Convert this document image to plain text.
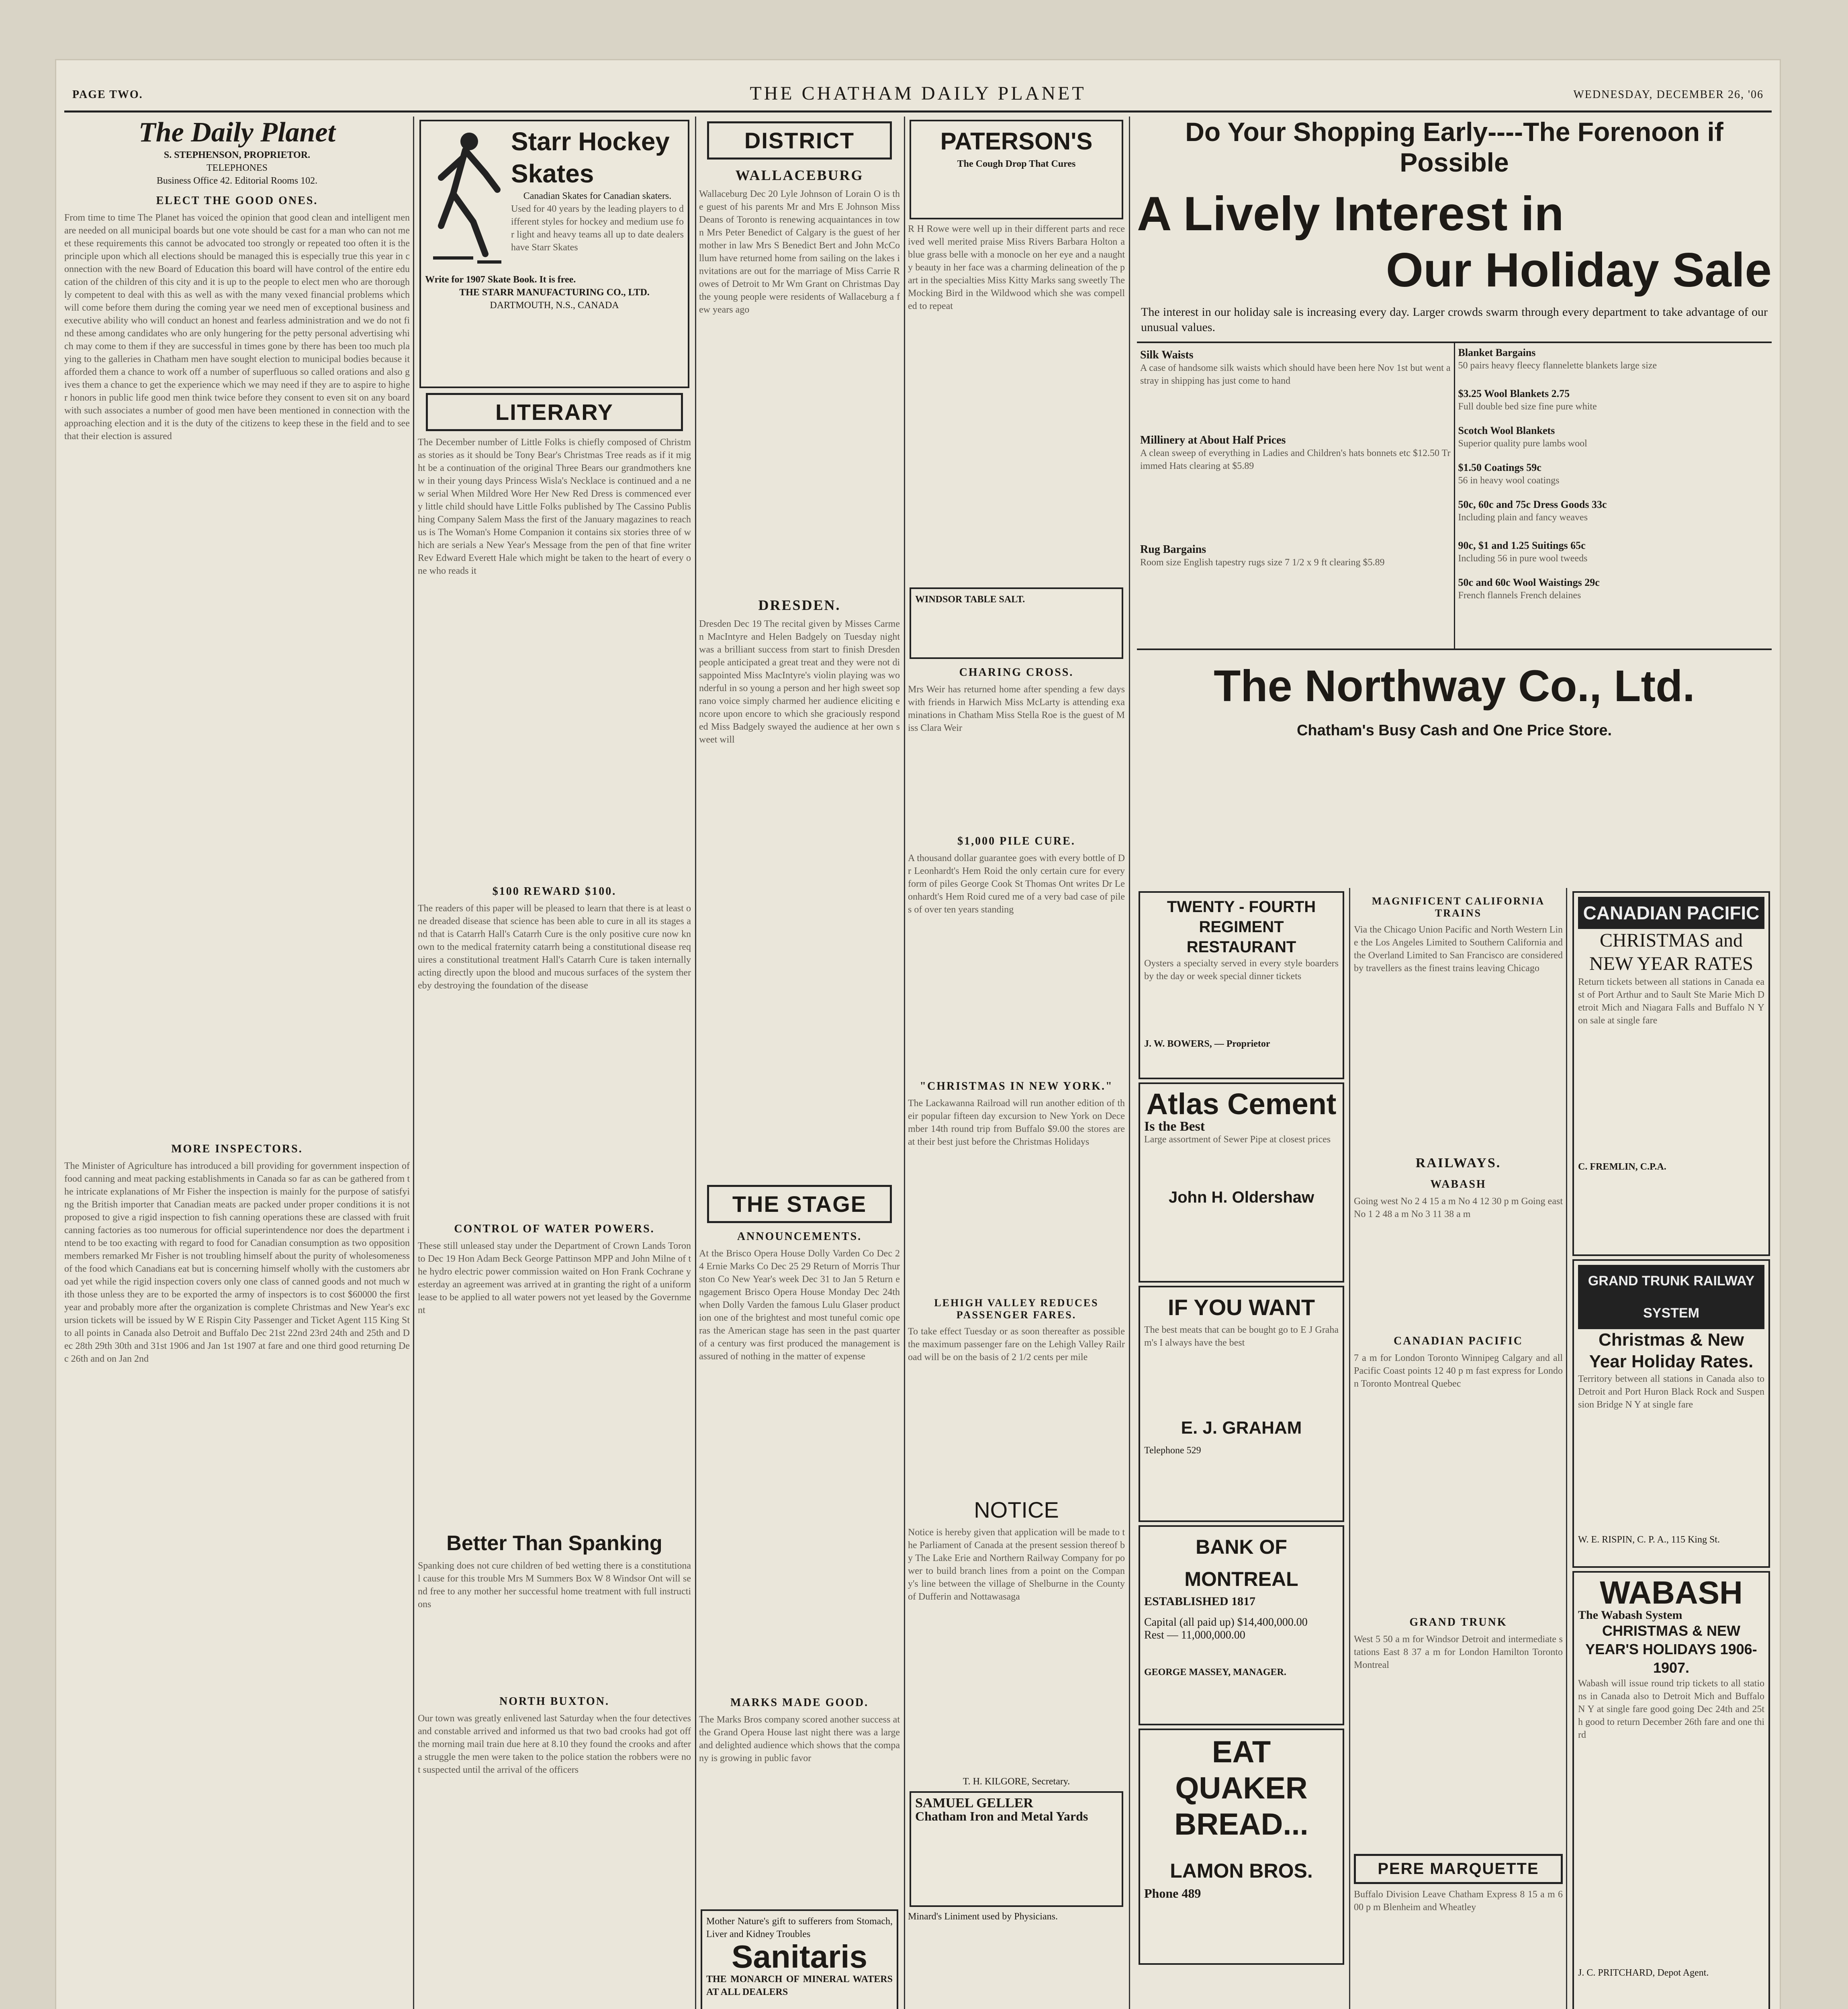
PAGE TWO.	THE CHATHAM DAILY PLANET	WEDNESDAY, DECEMBER 26, '06
The Daily Planet
S. STEPHENSON, PROPRIETOR.
TELEPHONES
Business Office 42. Editorial Rooms 102.
ELECT THE GOOD ONES.
From time to time The Planet has voiced the opinion that good clean and intelligent men are needed on all municipal boards but one vote should be cast for a man who can not meet these requirements this cannot be advocated too strongly or repeated too often it is the principle upon which all elections should be managed this is especially true this year in connection with the new Board of Education this board will have control of the entire education of the children of this city and it is up to the people to elect men who are thoroughly competent to deal with this as well as with the many vexed financial problems which will come before them during the coming year we need men of exceptional business and executive ability who will conduct an honest and fearless administration and we do not find these among candidates who are only hungering for the petty personal advertising which may come to them if they are successful in times gone by there has been too much playing to the galleries in Chatham men have sought election to municipal bodies because it afforded them a chance to work off a number of superfluous so called orations and also gives them a chance to get the experience which we may need if they are to aspire to higher honors in public life good men think twice before they consent to even sit on any board with such associates a number of good men have been mentioned in connection with the approaching election and it is the duty of the citizens to keep these in the field and to see that their election is assured
MORE INSPECTORS.
The Minister of Agriculture has introduced a bill providing for government inspection of food canning and meat packing establishments in Canada so far as can be gathered from the intricate explanations of Mr Fisher the inspection is mainly for the purpose of satisfying the British importer that Canadian meats are packed under proper conditions it is not proposed to give a rigid inspection to fish canning operations these are classed with fruit canning factories as too numerous for official superintendence nor does the department intend to be too exacting with regard to food for Canadian consumption as two opposition members remarked Mr Fisher is not troubling himself about the purity of wholesomeness of the food which Canadians eat but is concerning himself wholly with the customers abroad yet while the rigid inspection covers only one class of canned goods and not much with those unless they are to be exported the army of inspectors is to cost $60000 the first year and probably more after the organization is complete Christmas and New Year's excursion tickets will be issued by W E Rispin City Passenger and Ticket Agent 115 King St to all points in Canada also Detroit and Buffalo Dec 21st 22nd 23rd 24th and 25th and Dec 28th 29th 30th and 31st 1906 and Jan 1st 1907 at fare and one third good returning Dec 26th and on Jan 2nd
Starr Hockey Skates
Canadian Skates for Canadian skaters.
Used for 40 years by the leading players to different styles for hockey and medium use for light and heavy teams all up to date dealers have Starr Skates
Write for 1907 Skate Book. It is free.
THE STARR MANUFACTURING CO., LTD.
DARTMOUTH, N.S., CANADA
LITERARY
The December number of Little Folks is chiefly composed of Christmas stories as it should be Tony Bear's Christmas Tree reads as if it might be a continuation of the original Three Bears our grandmothers knew in their young days Princess Wisla's Necklace is continued and a new serial When Mildred Wore Her New Red Dress is commenced every little child should have Little Folks published by The Cassino Publishing Company Salem Mass the first of the January magazines to reach us is The Woman's Home Companion it contains six stories three of which are serials a New Year's Message from the pen of that fine writer Rev Edward Everett Hale which might be taken to the heart of every one who reads it
$100 REWARD $100.
The readers of this paper will be pleased to learn that there is at least one dreaded disease that science has been able to cure in all its stages and that is Catarrh Hall's Catarrh Cure is the only positive cure now known to the medical fraternity catarrh being a constitutional disease requires a constitutional treatment Hall's Catarrh Cure is taken internally acting directly upon the blood and mucous surfaces of the system thereby destroying the foundation of the disease
CONTROL OF WATER POWERS.
These still unleased stay under the Department of Crown Lands Toronto Dec 19 Hon Adam Beck George Pattinson MPP and John Milne of the hydro electric power commission waited on Hon Frank Cochrane yesterday an agreement was arrived at in granting the right of a uniform lease to be applied to all water powers not yet leased by the Government
Better Than Spanking
Spanking does not cure children of bed wetting there is a constitutional cause for this trouble Mrs M Summers Box W 8 Windsor Ont will send free to any mother her successful home treatment with full instructions
NORTH BUXTON.
Our town was greatly enlivened last Saturday when the four detectives and constable arrived and informed us that two bad crooks had got off the morning mail train due here at 8.10 they found the crooks and after a struggle the men were taken to the police station the robbers were not suspected until the arrival of the officers
DISTRICT
WALLACEBURG
Wallaceburg Dec 20 Lyle Johnson of Lorain O is the guest of his parents Mr and Mrs E Johnson Miss Deans of Toronto is renewing acquaintances in town Mrs Peter Benedict of Calgary is the guest of her mother in law Mrs S Benedict Bert and John McCollum have returned home from sailing on the lakes invitations are out for the marriage of Miss Carrie Rowes of Detroit to Mr Wm Grant on Christmas Day the young people were residents of Wallaceburg a few years ago
DRESDEN.
Dresden Dec 19 The recital given by Misses Carmen MacIntyre and Helen Badgely on Tuesday night was a brilliant success from start to finish Dresden people anticipated a great treat and they were not disappointed Miss MacIntyre's violin playing was wonderful in so young a person and her high sweet soprano voice simply charmed her audience eliciting encore upon encore to which she graciously responded Miss Badgely swayed the audience at her own sweet will
THE STAGE
ANNOUNCEMENTS.
At the Brisco Opera House Dolly Varden Co Dec 24 Ernie Marks Co Dec 25 29 Return of Morris Thurston Co New Year's week Dec 31 to Jan 5 Return engagement Brisco Opera House Monday Dec 24th when Dolly Varden the famous Lulu Glaser production one of the brightest and most tuneful comic operas the American stage has seen in the past quarter of a century was first produced the management is assured of nothing in the matter of expense
MARKS MADE GOOD.
The Marks Bros company scored another success at the Grand Opera House last night there was a large and delighted audience which shows that the company is growing in public favor
Mother Nature's gift to sufferers from Stomach, Liver and Kidney Troubles
Sanitaris
THE MONARCH OF MINERAL WATERS AT ALL DEALERS
PATERSON'S
The Cough Drop That Cures
R H Rowe were well up in their different parts and received well merited praise Miss Rivers Barbara Holton a blue grass belle with a monocle on her eye and a naughty beauty in her face was a charming delineation of the part in the specialties Miss Kitty Marks sang sweetly The Mocking Bird in the Wildwood which she was compelled to repeat
WINDSOR TABLE SALT.
CHARING CROSS.
Mrs Weir has returned home after spending a few days with friends in Harwich Miss McLarty is attending examinations in Chatham Miss Stella Roe is the guest of Miss Clara Weir
$1,000 PILE CURE.
A thousand dollar guarantee goes with every bottle of Dr Leonhardt's Hem Roid the only certain cure for every form of piles George Cook St Thomas Ont writes Dr Leonhardt's Hem Roid cured me of a very bad case of piles of over ten years standing
"CHRISTMAS IN NEW YORK."
The Lackawanna Railroad will run another edition of their popular fifteen day excursion to New York on December 14th round trip from Buffalo $9.00 the stores are at their best just before the Christmas Holidays
LEHIGH VALLEY REDUCES PASSENGER FARES.
To take effect Tuesday or as soon thereafter as possible the maximum passenger fare on the Lehigh Valley Railroad will be on the basis of 2 1/2 cents per mile
NOTICE
Notice is hereby given that application will be made to the Parliament of Canada at the present session thereof by The Lake Erie and Northern Railway Company for power to build branch lines from a point on the Company's line between the village of Shelburne in the County of Dufferin and Nottawasaga
T. H. KILGORE, Secretary.
SAMUEL GELLER
Chatham Iron and Metal Yards
Minard's Liniment used by Physicians.
Do Your Shopping Early----The Forenoon if Possible
A Lively Interest in
Our Holiday Sale
The interest in our holiday sale is increasing every day. Larger crowds swarm through every department to take advantage of our unusual values.
Silk Waists
A case of handsome silk waists which should have been here Nov 1st but went astray in shipping has just come to hand
Millinery at About Half Prices
A clean sweep of everything in Ladies and Children's hats bonnets etc $12.50 Trimmed Hats clearing at $5.89
Rug Bargains
Room size English tapestry rugs size 7 1/2 x 9 ft clearing $5.89
Blanket Bargains
50 pairs heavy fleecy flannelette blankets large size
$3.25 Wool Blankets 2.75
Full double bed size fine pure white
Scotch Wool Blankets
Superior quality pure lambs wool
$1.50 Coatings 59c
56 in heavy wool coatings
50c, 60c and 75c Dress Goods 33c
Including plain and fancy weaves
90c, $1 and 1.25 Suitings 65c
Including 56 in pure wool tweeds
50c and 60c Wool Waistings 29c
French flannels French delaines
The Northway Co., Ltd.
Chatham's Busy Cash and One Price Store.
TWENTY - FOURTH REGIMENT RESTAURANT
Oysters a specialty served in every style boarders by the day or week special dinner tickets
J. W. BOWERS, — Proprietor
Atlas Cement
Is the Best
Large assortment of Sewer Pipe at closest prices
John H. Oldershaw
IF YOU WANT
The best meats that can be bought go to E J Graham's I always have the best
E. J. GRAHAM
Telephone 529
BANK OF MONTREAL
ESTABLISHED 1817
Capital (all paid up) $14,400,000.00
Rest — 11,000,000.00
GEORGE MASSEY, MANAGER.
EAT QUAKER BREAD...
LAMON BROS.
Phone 489
MAGNIFICENT CALIFORNIA TRAINS
Via the Chicago Union Pacific and North Western Line the Los Angeles Limited to Southern California and the Overland Limited to San Francisco are considered by travellers as the finest trains leaving Chicago
RAILWAYS.
WABASH
Going west No 2 4 15 a m No 4 12 30 p m Going east No 1 2 48 a m No 3 11 38 a m
CANADIAN PACIFIC
7 a m for London Toronto Winnipeg Calgary and all Pacific Coast points 12 40 p m fast express for London Toronto Montreal Quebec
GRAND TRUNK
West 5 50 a m for Windsor Detroit and intermediate stations East 8 37 a m for London Hamilton Toronto Montreal
PERE MARQUETTE
Buffalo Division Leave Chatham Express 8 15 a m 6 00 p m Blenheim and Wheatley
CANADIAN PACIFIC
CHRISTMAS and NEW YEAR RATES
Return tickets between all stations in Canada east of Port Arthur and to Sault Ste Marie Mich Detroit Mich and Niagara Falls and Buffalo N Y on sale at single fare
C. FREMLIN, C.P.A.
GRAND TRUNK RAILWAY SYSTEM
Christmas & New Year Holiday Rates.
Territory between all stations in Canada also to Detroit and Port Huron Black Rock and Suspension Bridge N Y at single fare
W. E. RISPIN, C. P. A., 115 King St.
WABASH
The Wabash System
CHRISTMAS & NEW YEAR'S HOLIDAYS 1906-1907.
Wabash will issue round trip tickets to all stations in Canada also to Detroit Mich and Buffalo N Y at single fare good going Dec 24th and 25th good to return December 26th fare and one third
J. C. PRITCHARD, Depot Agent.
